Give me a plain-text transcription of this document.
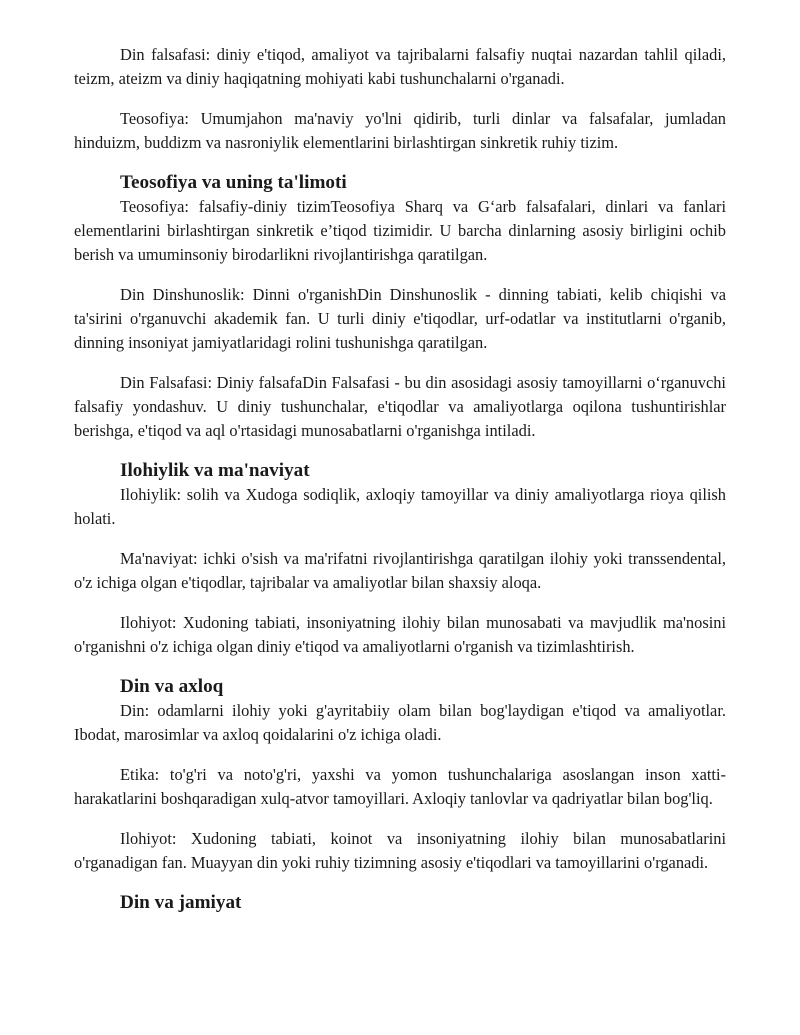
Din falsafasi: diniy e'tiqod, amaliyot va tajribalarni falsafiy nuqtai nazardan tahlil qiladi, teizm, ateizm va diniy haqiqatning mohiyati kabi tushunchalarni o'rganadi.

Teosofiya: Umumjahon ma'naviy yo'lni qidirib, turli dinlar va falsafalar, jumladan hinduizm, buddizm va nasroniylik elementlarini birlashtirgan sinkretik ruhiy tizim.

Teosofiya va uning ta'limoti

Teosofiya: falsafiy-diniy tizimTeosofiya Sharq va G‘arb falsafalari, dinlari va fanlari elementlarini birlashtirgan sinkretik e’tiqod tizimidir. U barcha dinlarning asosiy birligini ochib berish va umuminsoniy birodarlikni rivojlantirishga qaratilgan.

Din Dinshunoslik: Dinni o'rganishDin Dinshunoslik - dinning tabiati, kelib chiqishi va ta'sirini o'rganuvchi akademik fan. U turli diniy e'tiqodlar, urf-odatlar va institutlarni o'rganib, dinning insoniyat jamiyatlaridagi rolini tushunishga qaratilgan.

Din Falsafasi: Diniy falsafaDin Falsafasi - bu din asosidagi asosiy tamoyillarni o‘rganuvchi falsafiy yondashuv. U diniy tushunchalar, e'tiqodlar va amaliyotlarga oqilona tushuntirishlar berishga, e'tiqod va aql o'rtasidagi munosabatlarni o'rganishga intiladi.

Ilohiylik va ma'naviyat

Ilohiylik: solih va Xudoga sodiqlik, axloqiy tamoyillar va diniy amaliyotlarga rioya qilish holati.

Ma'naviyat: ichki o'sish va ma'rifatni rivojlantirishga qaratilgan ilohiy yoki transsendental, o'z ichiga olgan e'tiqodlar, tajribalar va amaliyotlar bilan shaxsiy aloqa.

Ilohiyot: Xudoning tabiati, insoniyatning ilohiy bilan munosabati va mavjudlik ma'nosini o'rganishni o'z ichiga olgan diniy e'tiqod va amaliyotlarni o'rganish va tizimlashtirish.

Din va axloq

Din: odamlarni ilohiy yoki g'ayritabiiy olam bilan bog'laydigan e'tiqod va amaliyotlar. Ibodat, marosimlar va axloq qoidalarini o'z ichiga oladi.

Etika: to'g'ri va noto'g'ri, yaxshi va yomon tushunchalariga asoslangan inson xatti-harakatlarini boshqaradigan xulq-atvor tamoyillari. Axloqiy tanlovlar va qadriyatlar bilan bog'liq.

Ilohiyot: Xudoning tabiati, koinot va insoniyatning ilohiy bilan munosabatlarini o'rganadigan fan. Muayyan din yoki ruhiy tizimning asosiy e'tiqodlari va tamoyillarini o'rganadi.

Din va jamiyat
